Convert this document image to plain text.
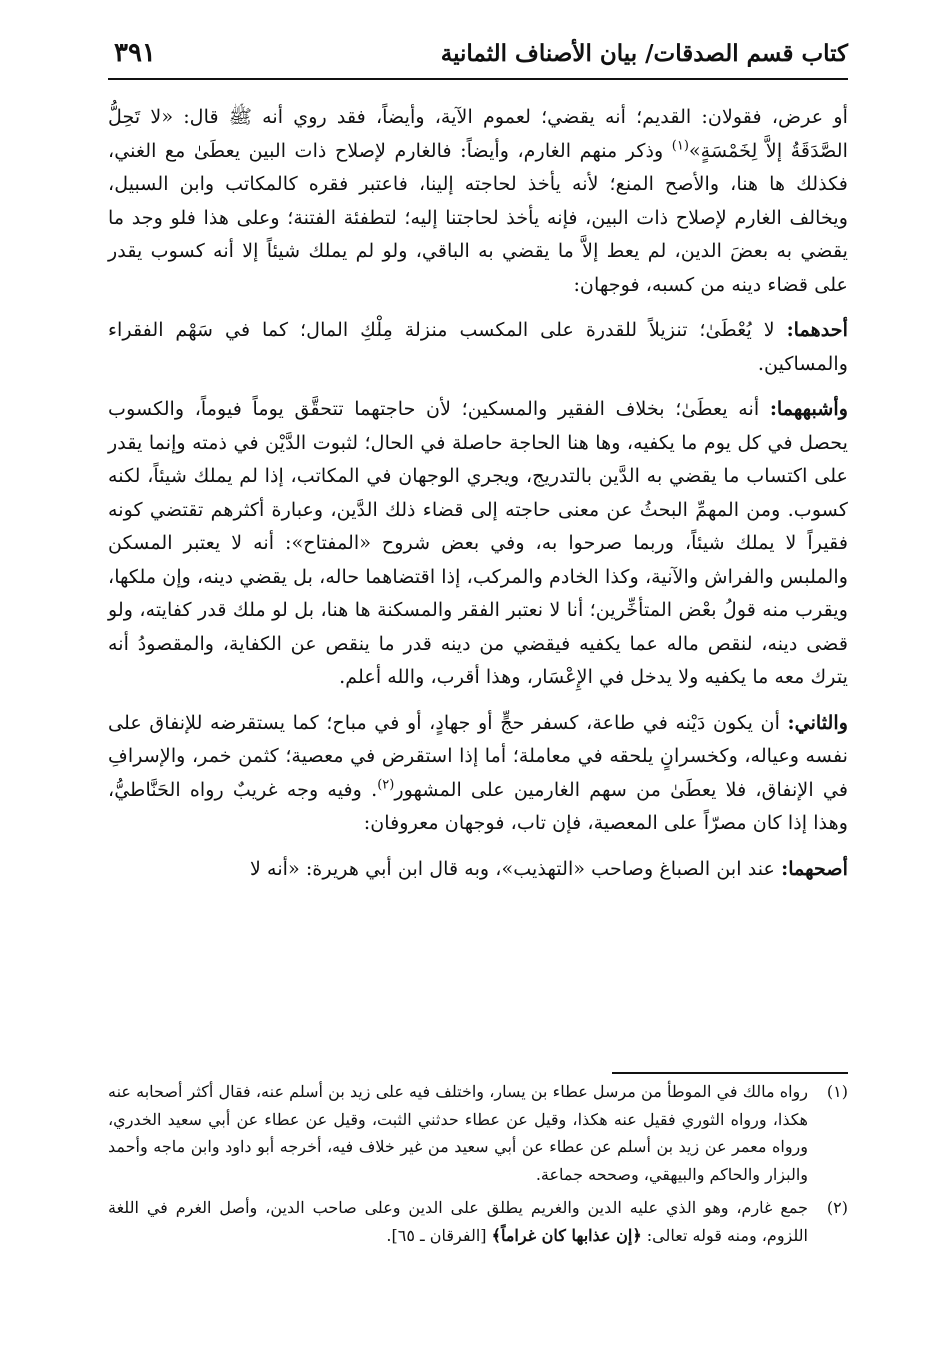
كتاب قسم الصدقات/ بيان الأصناف الثمانية
٣٩١

أو عرض، فقولان: القديم؛ أنه يقضي؛ لعموم الآية، وأيضاً، فقد روي أنه ﷺ قال: «لا تَحِلُّ الصَّدَقَةُ إلاَّ لِخَمْسَةٍ»$^{(١)}$ وذكر منهم الغارم، وأيضاً: فالغارم لإصلاح ذات البين يعطَىٰ مع الغني، فكذلك ها هنا، والأصح المنع؛ لأنه يأخذ لحاجته إلينا، فاعتبر فقره كالمكاتب وابن السبيل، ويخالف الغارم لإصلاح ذات البين، فإنه يأخذ لحاجتنا إليه؛ لتطفئة الفتنة؛ وعلى هذا فلو وجد ما يقضي به بعضَ الدين، لم يعط إلاَّ ما يقضي به الباقي، ولو لم يملك شيئاً إلا أنه كسوب يقدر على قضاء دينه من كسبه، فوجهان:

أحدهما: لا يُعْطَىٰ؛ تنزيلاً للقدرة على المكسب منزلة مِلْكِ المال؛ كما في سَهْم الفقراء والمساكين.

وأشبههما: أنه يعطَىٰ؛ بخلاف الفقير والمسكين؛ لأن حاجتهما تتحقَّق يوماً فيوماً، والكسوب يحصل في كل يوم ما يكفيه، وها هنا الحاجة حاصلة في الحال؛ لثبوت الدَّيْن في ذمته وإنما يقدر على اكتساب ما يقضي به الدَّين بالتدريج، ويجري الوجهان في المكاتب، إذا لم يملك شيئاً، لكنه كسوب. ومن المهمِّ البحثُ عن معنى حاجته إلى قضاء ذلك الدَّين، وعبارة أكثرهم تقتضي كونه فقيراً لا يملك شيئاً، وربما صرحوا به، وفي بعض شروح «المفتاح»: أنه لا يعتبر المسكن والملبس والفراش والآنية، وكذا الخادم والمركب، إذا اقتضاهما حاله، بل يقضي دينه، وإن ملكها، ويقرب منه قولُ بعْض المتأخِّرين؛ أنا لا نعتبر الفقر والمسكنة ها هنا، بل لو ملك قدر كفايته، ولو قضى دينه، لنقص ماله عما يكفيه فيقضي من دينه قدر ما ينقص عن الكفاية، والمقصودُ أنه يترك معه ما يكفيه ولا يدخل في الإِعْسَار، وهذا أقرب، والله أعلم.

والثاني: أن يكون دَيْنه في طاعة، كسفر حجٍّ أو جهادٍ، أو في مباح؛ كما يستقرضه للإنفاق على نفسه وعياله، وكخسرانٍ يلحقه في معاملة؛ أما إذا استقرض في معصية؛ كثمن خمر، والإسرافِ في الإنفاق، فلا يعطَىٰ من سهم الغارمين على المشهور$^{(٢)}$. وفيه وجه غريبٌ رواه الحَنَّاطيُّ، وهذا إذا كان مصرّاً على المعصية، فإن تاب، فوجهان معروفان:

أصحهما: عند ابن الصباغ وصاحب «التهذيب»، وبه قال ابن أبي هريرة: «أنه لا

(١)
رواه مالك في الموطأ من مرسل عطاء بن يسار، واختلف فيه على زيد بن أسلم عنه، فقال أكثر أصحابه عنه هكذا، ورواه الثوري فقيل عنه هكذا، وقيل عن عطاء حدثني الثبت، وقيل عن عطاء عن أبي سعيد الخدري، ورواه معمر عن زيد بن أسلم عن عطاء عن أبي سعيد من غير خلاف فيه، أخرجه أبو داود وابن ماجه وأحمد والبزار والحاكم والبيهقي، وصححه جماعة.
(٢)
جمع غارم، وهو الذي عليه الدين والغريم يطلق على الدين وعلى صاحب الدين، وأصل الغرم في اللغة اللزوم، ومنه قوله تعالى: ﴿إن عذابها كان غراماً﴾ [الفرقان ـ ٦٥].
